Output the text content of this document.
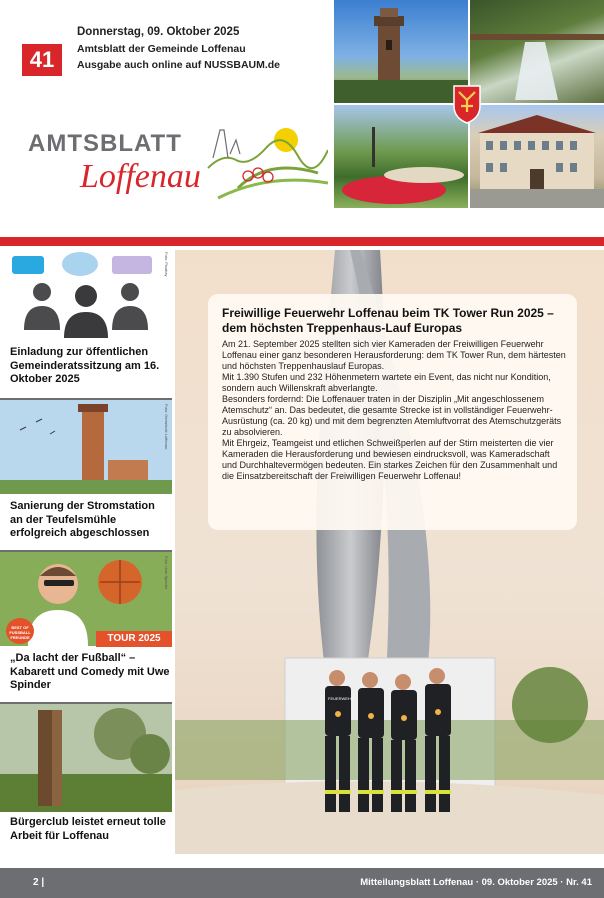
41
Donnerstag, 09. Oktober 2025
Amtsblatt der Gemeinde Loffenau
Ausgabe auch online auf NUSSBAUM.de
AMTSBLATT
Loffenau
Einladung zur öffentlichen Gemeinderatssitzung am 16. Oktober 2025
Foto: Pixabay
Sanierung der Stromstation an der Teufelsmühle erfolgreich abgeschlossen
Foto: Gemeinde Loffenau
BEST OF
FUSSBALL
FREUNDE	TOUR 2025
„Da lacht der Fußball“ – Kabarett und Comedy mit Uwe Spinder
Foto: Uwe Spinder
Bürgerclub leistet erneut tolle Arbeit für Loffenau
FEUERWEHR
Freiwillige Feuerwehr Loffenau beim TK Tower Run 2025 – dem höchsten Treppenhaus-Lauf Europas
Am 21. September 2025 stellten sich vier Kameraden der Freiwilligen Feuerwehr Loffenau einer ganz besonderen Herausforderung: dem TK Tower Run, dem härtesten und höchsten Treppenhauslauf Europas.
Mit 1.390 Stufen und 232 Höhenmetern wartete ein Event, das nicht nur Kondition, sondern auch Willenskraft abverlangte.
Besonders fordernd: Die Loffenauer traten in der Disziplin „Mit angeschlossenem Atemschutz“ an. Das bedeutet, die gesamte Strecke ist in vollständiger Feuerwehr-Ausrüstung (ca. 20 kg) und mit dem begrenzten Atemluftvorrat des Atemschutzgeräts zu absolvieren.
Mit Ehrgeiz, Teamgeist und etlichen Schweißperlen auf der Stirn meisterten die vier Kameraden die Herausforderung und bewiesen eindrucksvoll, was Kameradschaft und Durchhaltevermögen bedeuten. Ein starkes Zeichen für den Zusammenhalt und die Einsatzbereitschaft der Freiwilligen Feuerwehr Loffenau!
2 |	Mitteilungsblatt Loffenau · 09. Oktober 2025 · Nr. 41
